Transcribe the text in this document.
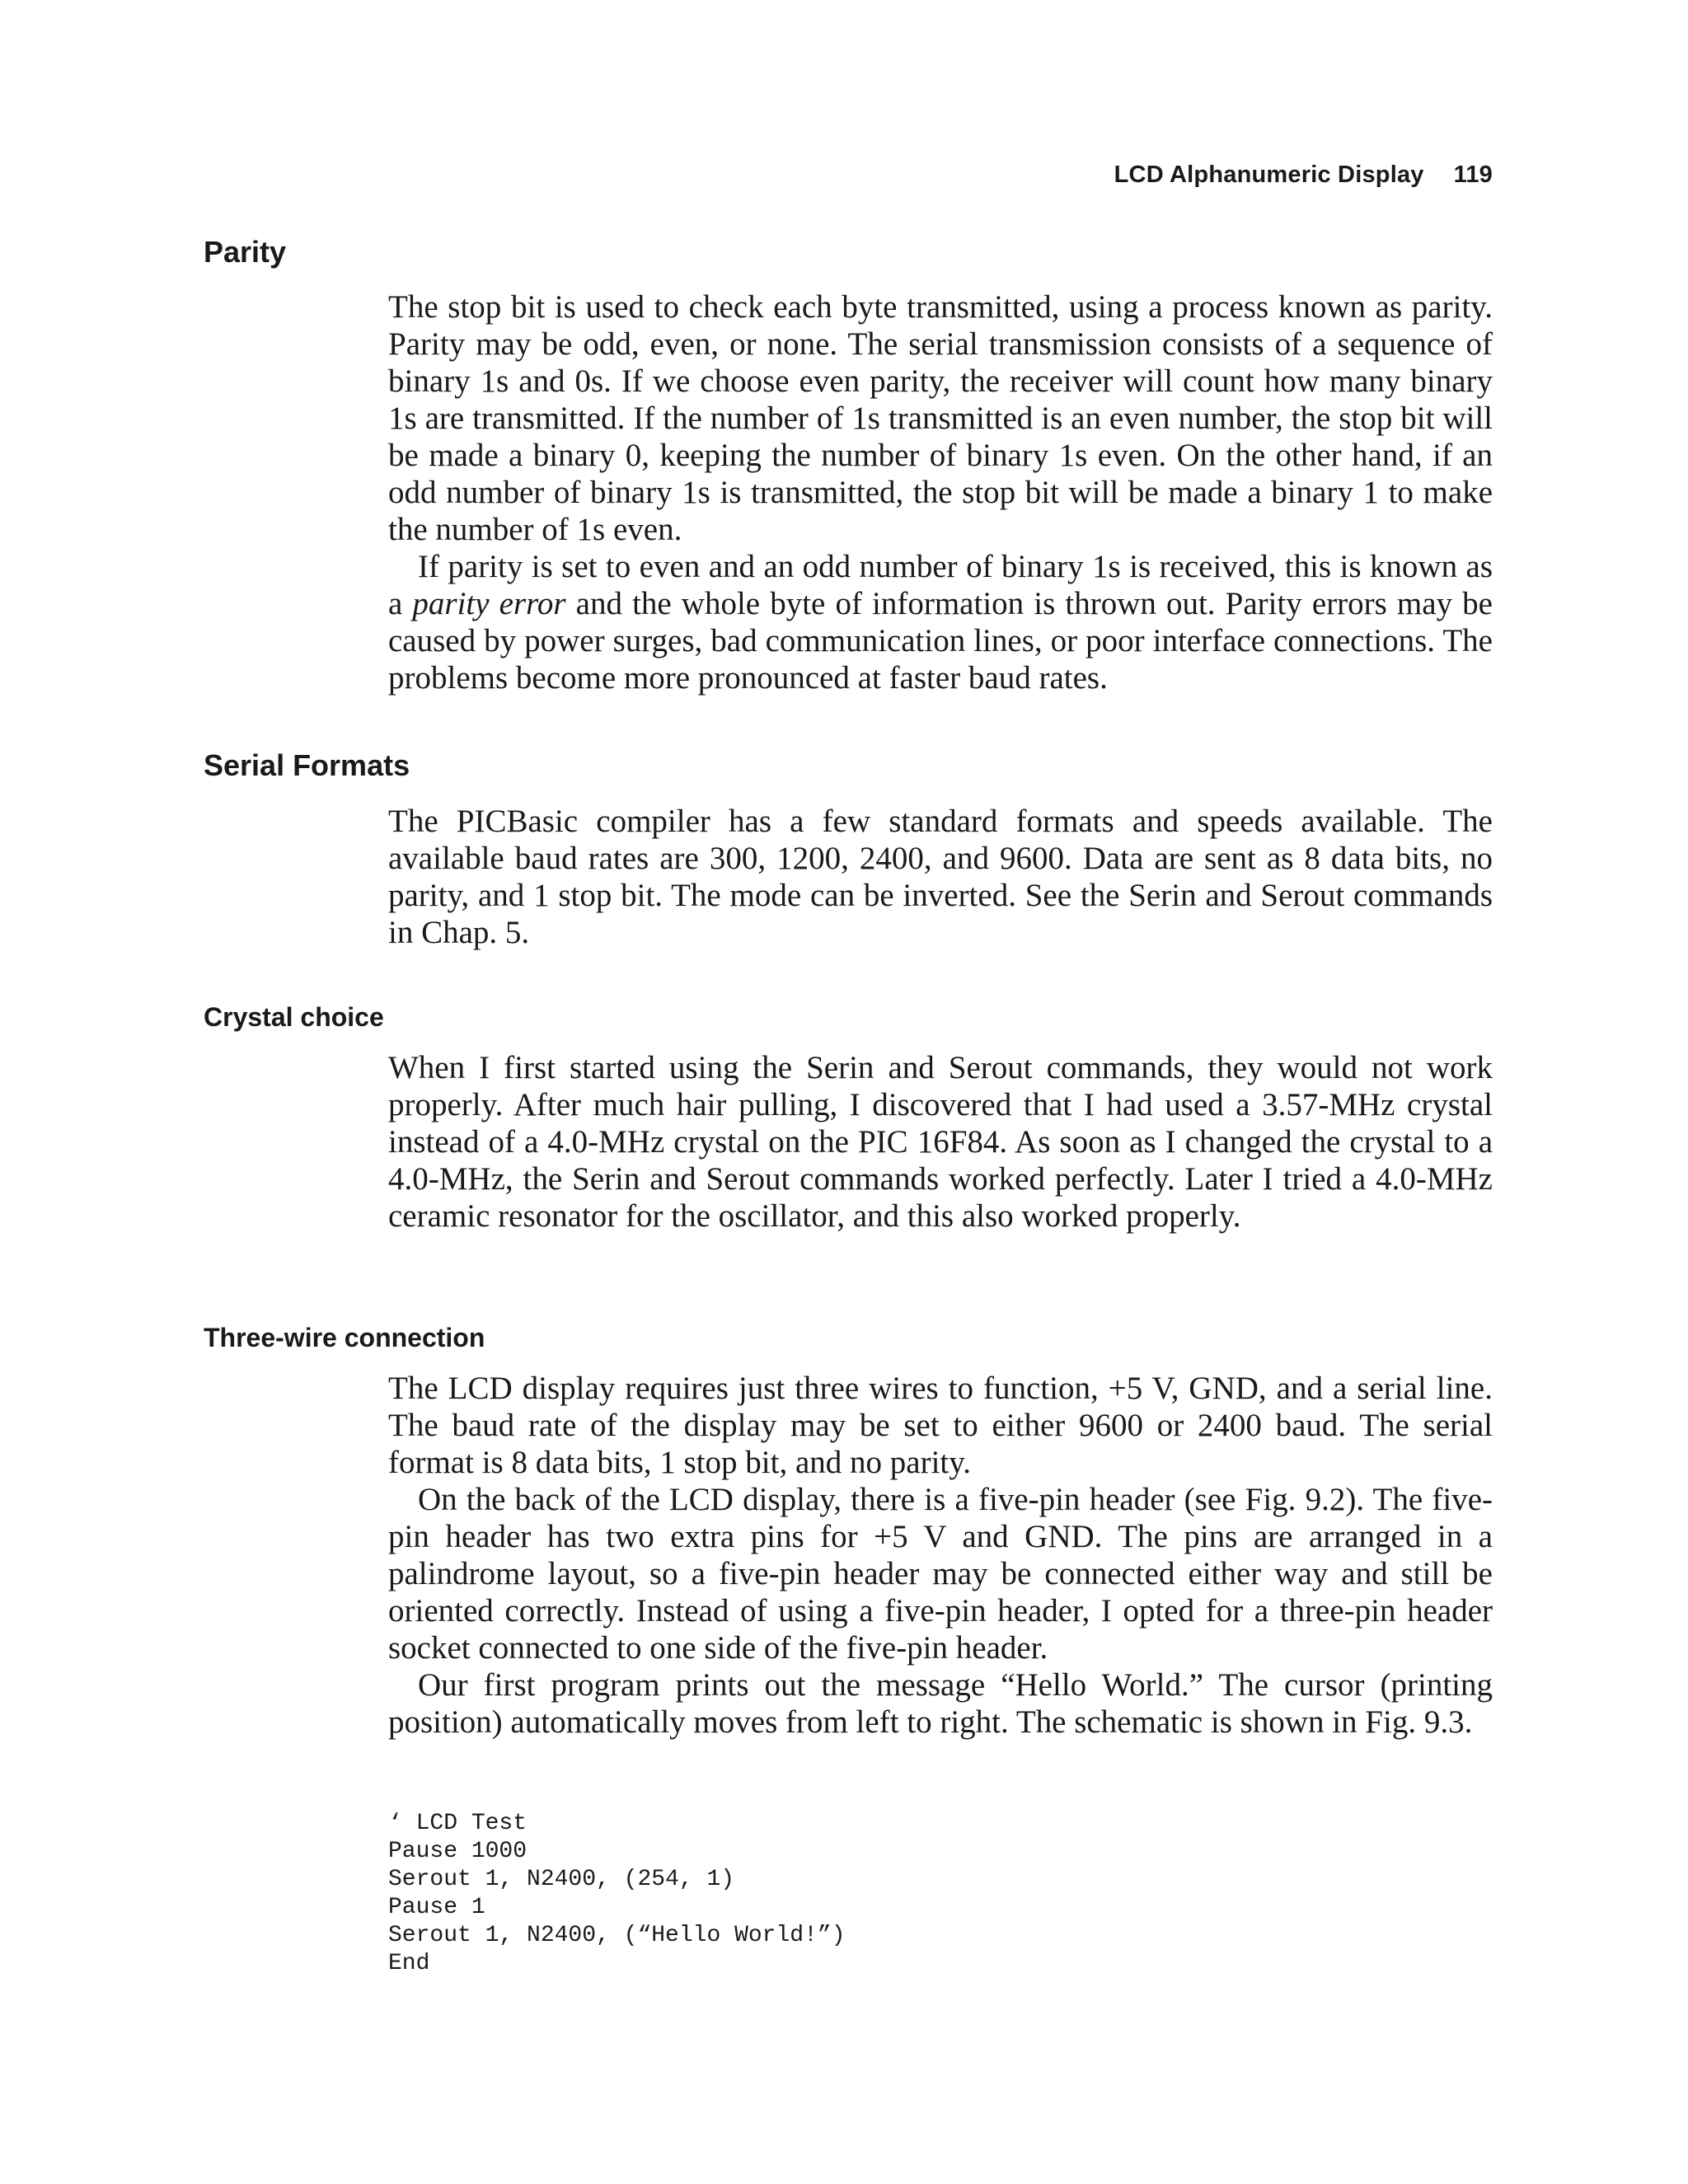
LCD Alphanumeric Display 119
Parity

The stop bit is used to check each byte transmitted, using a process known as parity. Parity may be odd, even, or none. The serial transmission consists of a sequence of binary 1s and 0s. If we choose even parity, the receiver will count how many binary 1s are transmitted. If the number of 1s transmitted is an even number, the stop bit will be made a binary 0, keeping the number of binary 1s even. On the other hand, if an odd number of binary 1s is transmitted, the stop bit will be made a binary 1 to make the number of 1s even.

If parity is set to even and an odd number of binary 1s is received, this is known as a parity error and the whole byte of information is thrown out. Parity errors may be caused by power surges, bad communication lines, or poor interface connections. The problems become more pronounced at faster baud rates.

Serial Formats

The PICBasic compiler has a few standard formats and speeds available. The available baud rates are 300, 1200, 2400, and 9600. Data are sent as 8 data bits, no parity, and 1 stop bit. The mode can be inverted. See the Serin and Serout commands in Chap. 5.

Crystal choice

When I first started using the Serin and Serout commands, they would not work properly. After much hair pulling, I discovered that I had used a 3.57-​MHz crystal instead of a 4.0-MHz crystal on the PIC 16F84. As soon as I changed the crystal to a 4.0-MHz, the Serin and Serout commands worked perfectly. Later I tried a 4.0-MHz ceramic resonator for the oscillator, and this also worked properly.

Three-wire connection

The LCD display requires just three wires to function, +5 V, GND, and a serial line. The baud rate of the display may be set to either 9600 or 2400 baud. The serial format is 8 data bits, 1 stop bit, and no parity.

On the back of the LCD display, there is a five-pin header (see Fig. 9.2). The five-pin header has two extra pins for +5 V and GND. The pins are arranged in a palindrome layout, so a five-pin header may be connected either way and still be oriented correctly. Instead of using a five-pin header, I opted for a three-pin header socket connected to one side of the five-pin header.

Our first program prints out the message “Hello World.” The cursor (printing position) automatically moves from left to right. The schematic is shown in Fig. 9.3.

‘ LCD Test
Pause 1000
Serout 1, N2400, (254, 1)
Pause 1
Serout 1, N2400, (“Hello World!”)
End
